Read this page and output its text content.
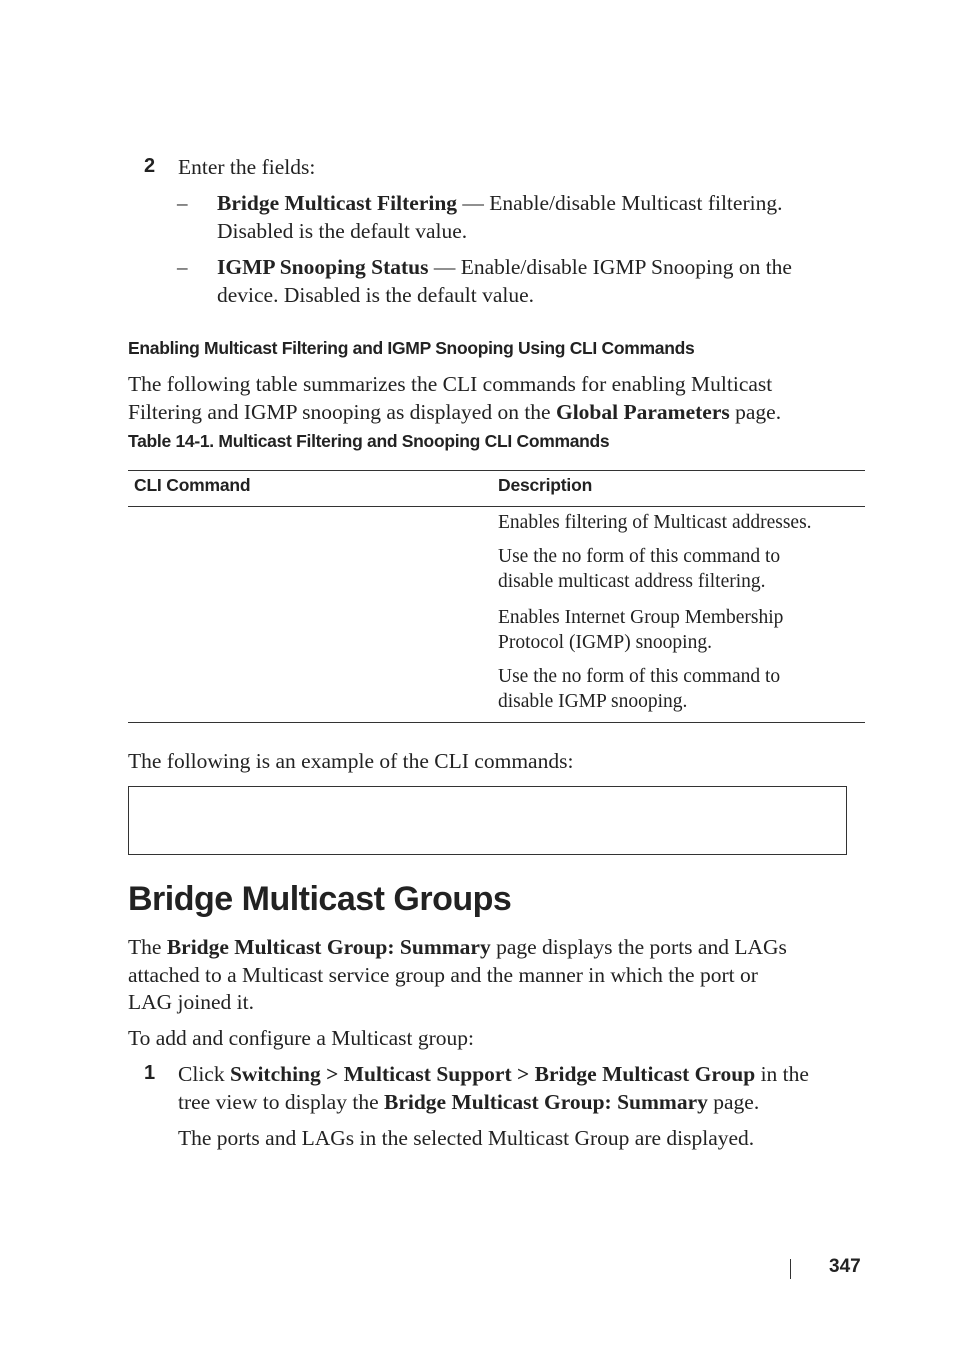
2 Enter the fields:
– Bridge Multicast Filtering — Enable/disable Multicast filtering.
Disabled is the default value.
– IGMP Snooping Status — Enable/disable IGMP Snooping on the
device. Disabled is the default value.
Enabling Multicast Filtering and IGMP Snooping Using CLI Commands
The following table summarizes the CLI commands for enabling Multicast
Filtering and IGMP snooping as displayed on the Global Parameters page.
Table 14-1. Multicast Filtering and Snooping CLI Commands
CLI Command	Description
Enables filtering of Multicast addresses.
Use the no form of this command to
disable multicast address filtering.
Enables Internet Group Membership
Protocol (IGMP) snooping.
Use the no form of this command to
disable IGMP snooping.
The following is an example of the CLI commands:
Bridge Multicast Groups
The Bridge Multicast Group: Summary page displays the ports and LAGs
attached to a Multicast service group and the manner in which the port or
LAG joined it.
To add and configure a Multicast group:
1 Click Switching > Multicast Support > Bridge Multicast Group in the
tree view to display the Bridge Multicast Group: Summary page.
The ports and LAGs in the selected Multicast Group are displayed.
347
